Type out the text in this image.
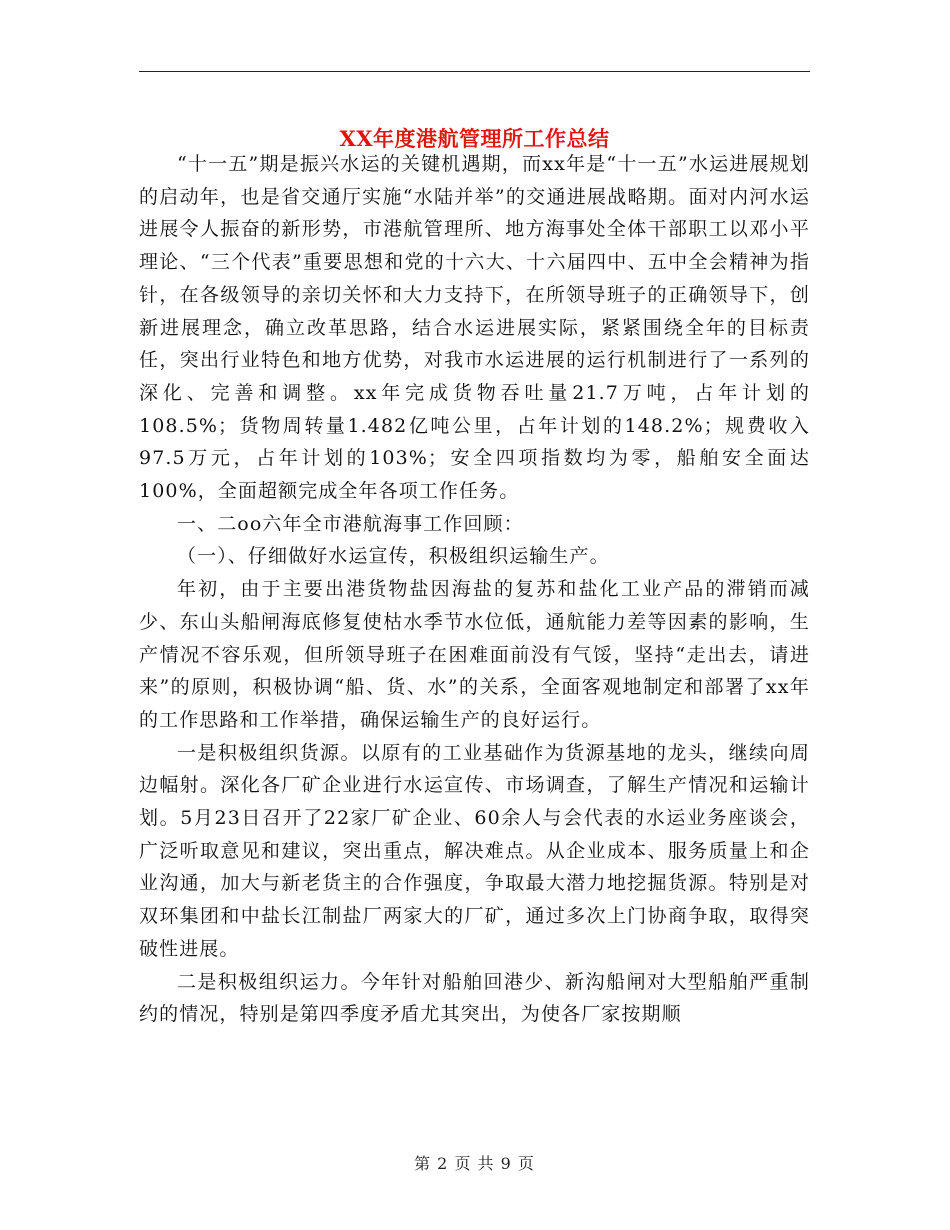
XX年度港航管理所工作总结

“十一五”期是振兴水运的关键机遇期，而xx年是“十一五”水运进展规划的启动年，也是省交通厅实施“水陆并举”的交通进展战略期。面对内河水运进展令人振奋的新形势，市港航管理所、地方海事处全体干部职工以邓小平理论、“三个代表”重要思想和党的十六大、十六届四中、五中全会精神为指针，在各级领导的亲切关怀和大力支持下，在所领导班子的正确领导下，创新进展理念，确立改革思路，结合水运进展实际，紧紧围绕全年的目标责任，突出行业特色和地方优势，对我市水运进展的运行机制进行了一系列的深化、完善和调整。xx年完成货物吞吐量21.7万吨，占年计划的108.5%；货物周转量1.482亿吨公里，占年计划的148.2%；规费收入97.5万元，占年计划的103%；安全四项指数均为零，船舶安全面达100%，全面超额完成全年各项工作任务。

一、二oo六年全市港航海事工作回顾：

（一）、仔细做好水运宣传，积极组织运输生产。

年初，由于主要出港货物盐因海盐的复苏和盐化工业产品的滞销而减少、东山头船闸海底修复使枯水季节水位低，通航能力差等因素的影响，生产情况不容乐观，但所领导班子在困难面前没有气馁，坚持“走出去，请进来”的原则，积极协调“船、货、水”的关系，全面客观地制定和部署了xx年的工作思路和工作举措，确保运输生产的良好运行。

一是积极组织货源。以原有的工业基础作为货源基地的龙头，继续向周边幅射。深化各厂矿企业进行水运宣传、市场调查，了解生产情况和运输计划。5月23日召开了22家厂矿企业、60余人与会代表的水运业务座谈会，广泛听取意见和建议，突出重点，解决难点。从企业成本、服务质量上和企业沟通，加大与新老货主的合作强度，争取最大潜力地挖掘货源。特别是对双环集团和中盐长江制盐厂两家大的厂矿，通过多次上门协商争取，取得突破性进展。

二是积极组织运力。今年针对船舶回港少、新沟船闸对大型船舶严重制约的情况，特别是第四季度矛盾尤其突出，为使各厂家按期顺

第 2 页 共 9 页
